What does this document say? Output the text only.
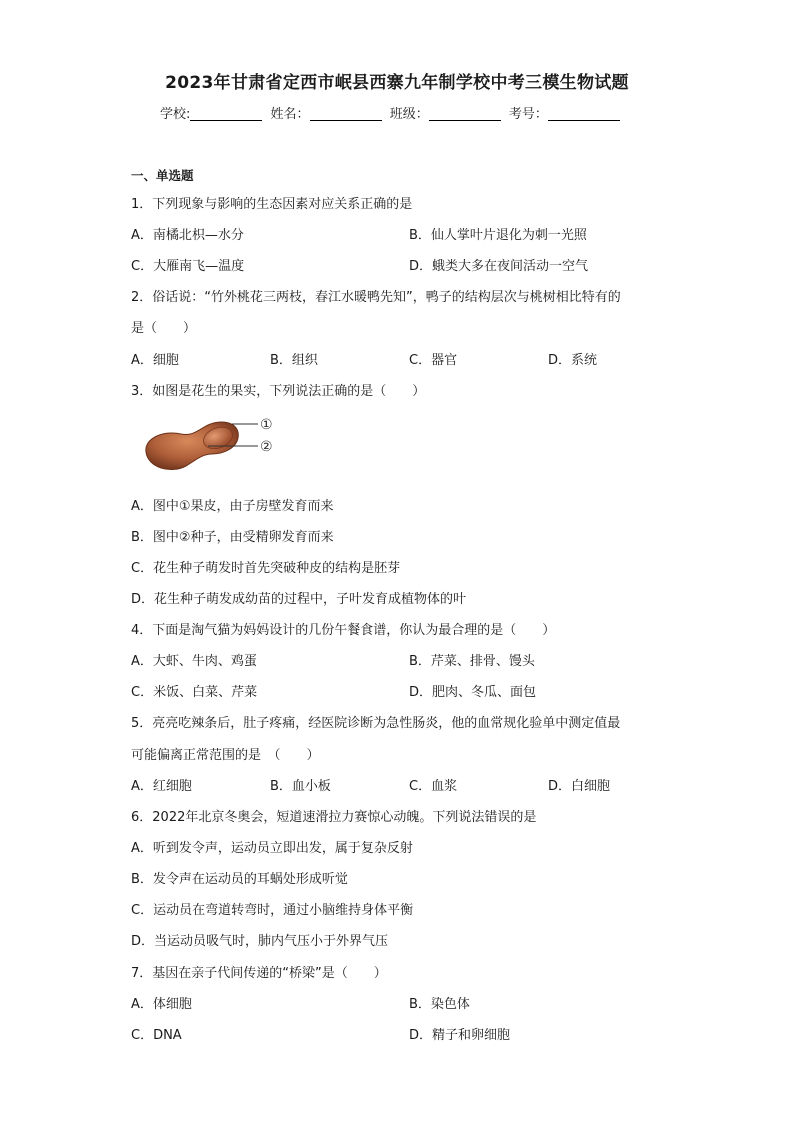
2023年甘肃省定西市岷县西寨九年制学校中考三模生物试题
学校:	姓名：	班级：	考号：
一、单选题
1．下列现象与影响的生态因素对应关系正确的是
A．南橘北枳—水分	B．仙人掌叶片退化为刺一光照
C．大雁南飞—温度	D．蛾类大多在夜间活动一空气
2．俗话说：“竹外桃花三两枝，春江水暖鸭先知”，鸭子的结构层次与桃树相比特有的
是（　　）
A．细胞	B．组织	C．器官	D．系统
3．如图是花生的果实，下列说法正确的是（　　）
①
②
A．图中①果皮，由子房壁发育而来
B．图中②种子，由受精卵发育而来
C．花生种子萌发时首先突破种皮的结构是胚芽
D．花生种子萌发成幼苗的过程中，子叶发育成植物体的叶
4．下面是淘气猫为妈妈设计的几份午餐食谱，你认为最合理的是（　　）
A．大虾、牛肉、鸡蛋	B．芹菜、排骨、馒头
C．米饭、白菜、芹菜	D．肥肉、冬瓜、面包
5．亮亮吃辣条后，肚子疼痛，经医院诊断为急性肠炎，他的血常规化验单中测定值最
可能偏离正常范围的是　（　　）
A．红细胞	B．血小板	C．血浆	D．白细胞
6．2022年北京冬奥会，短道速滑拉力赛惊心动魄。下列说法错误的是
A．听到发令声，运动员立即出发，属于复杂反射
B．发令声在运动员的耳蜗处形成听觉
C．运动员在弯道转弯时，通过小脑维持身体平衡
D．当运动员吸气时，肺内气压小于外界气压
7．基因在亲子代间传递的“桥梁”是（　　）
A．体细胞	B．染色体
C．DNA	D．精子和卵细胞
